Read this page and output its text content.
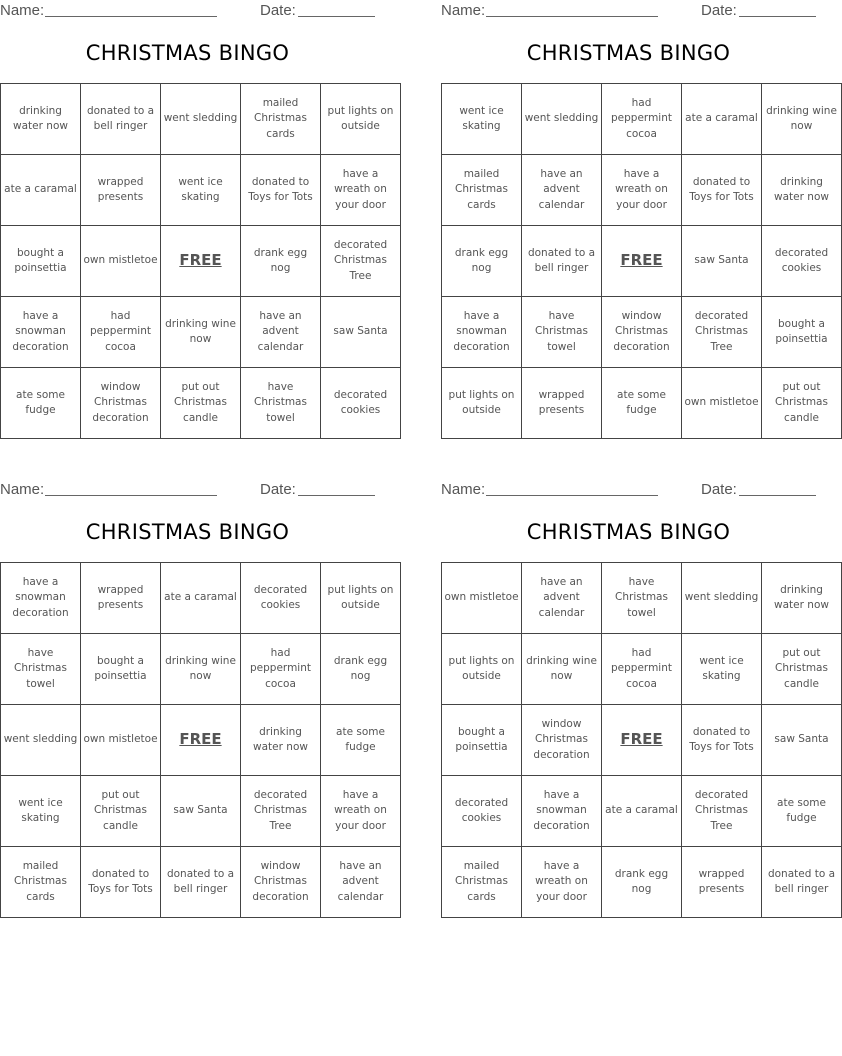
Name:	Date:
CHRISTMAS BINGO
drinking water now	donated to a bell ringer	went sledding	mailed Christmas cards	put lights on outside
ate a caramal	wrapped presents	went ice skating	donated to Toys for Tots	have a wreath on your door
bought a poinsettia	own mistletoe	FREE	drank egg nog	decorated Christmas Tree
have a snowman decoration	had peppermint cocoa	drinking wine now	have an advent calendar	saw Santa
ate some fudge	window Christmas decoration	put out Christmas candle	have Christmas towel	decorated cookies
Name:	Date:
CHRISTMAS BINGO
went ice skating	went sledding	had peppermint cocoa	ate a caramal	drinking wine now
mailed Christmas cards	have an advent calendar	have a wreath on your door	donated to Toys for Tots	drinking water now
drank egg nog	donated to a bell ringer	FREE	saw Santa	decorated cookies
have a snowman decoration	have Christmas towel	window Christmas decoration	decorated Christmas Tree	bought a poinsettia
put lights on outside	wrapped presents	ate some fudge	own mistletoe	put out Christmas candle
Name:	Date:
CHRISTMAS BINGO
have a snowman decoration	wrapped presents	ate a caramal	decorated cookies	put lights on outside
have Christmas towel	bought a poinsettia	drinking wine now	had peppermint cocoa	drank egg nog
went sledding	own mistletoe	FREE	drinking water now	ate some fudge
went ice skating	put out Christmas candle	saw Santa	decorated Christmas Tree	have a wreath on your door
mailed Christmas cards	donated to Toys for Tots	donated to a bell ringer	window Christmas decoration	have an advent calendar
Name:	Date:
CHRISTMAS BINGO
own mistletoe	have an advent calendar	have Christmas towel	went sledding	drinking water now
put lights on outside	drinking wine now	had peppermint cocoa	went ice skating	put out Christmas candle
bought a poinsettia	window Christmas decoration	FREE	donated to Toys for Tots	saw Santa
decorated cookies	have a snowman decoration	ate a caramal	decorated Christmas Tree	ate some fudge
mailed Christmas cards	have a wreath on your door	drank egg nog	wrapped presents	donated to a bell ringer
